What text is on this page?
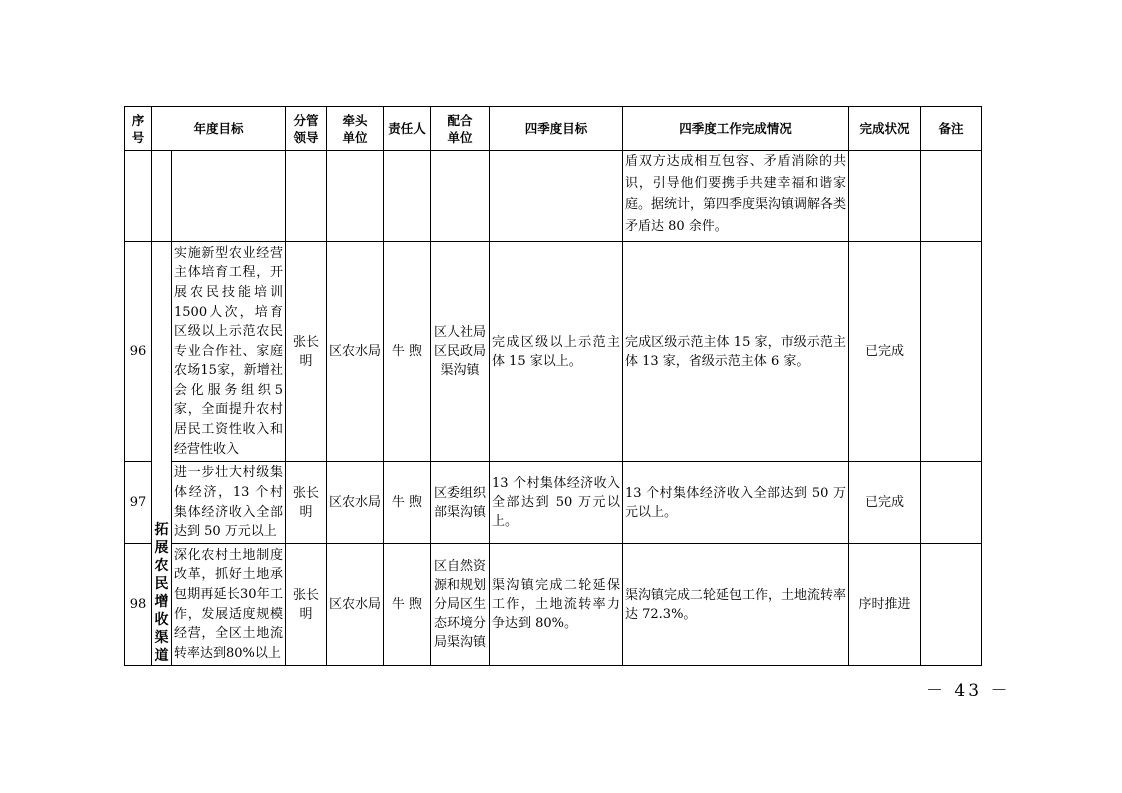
序号	年度目标		分管领导	牵头单位	责任人	配合单位	四季度目标	四季度工作完成情况	完成状况	备注
								盾双方达成相互包容、矛盾消除的共识，引导他们要携手共建幸福和谐家庭。据统计，第四季度渠沟镇调解各类矛盾达 80 余件。		
96	拓展农民增收渠道	实施新型农业经营主体培育工程，开展农民技能培训1500人次，培育区级以上示范农民专业合作社、家庭农场15家，新增社会化服务组织5家，全面提升农村居民工资性收入和经营性收入	张长明	区农水局	牛 煦	区人社局区民政局渠沟镇	完成区级以上示范主体 15 家以上。	完成区级示范主体 15 家，市级示范主体 13 家，省级示范主体 6 家。	已完成	
97		进一步壮大村级集体经济，13 个村集体经济收入全部达到 50 万元以上	张长明	区农水局	牛 煦	区委组织部渠沟镇	13 个村集体经济收入全部达到 50 万元以上。	13 个村集体经济收入全部达到 50 万元以上。	已完成	
98		深化农村土地制度改革，抓好土地承包期再延长30年工作，发展适度规模经营，全区土地流转率达到80%以上	张长明	区农水局	牛 煦	区自然资源和规划分局区生态环境分局渠沟镇	渠沟镇完成二轮延保工作，土地流转率力争达到 80%。	渠沟镇完成二轮延包工作，土地流转率达 72.3%。	序时推进	
－ 43 －
